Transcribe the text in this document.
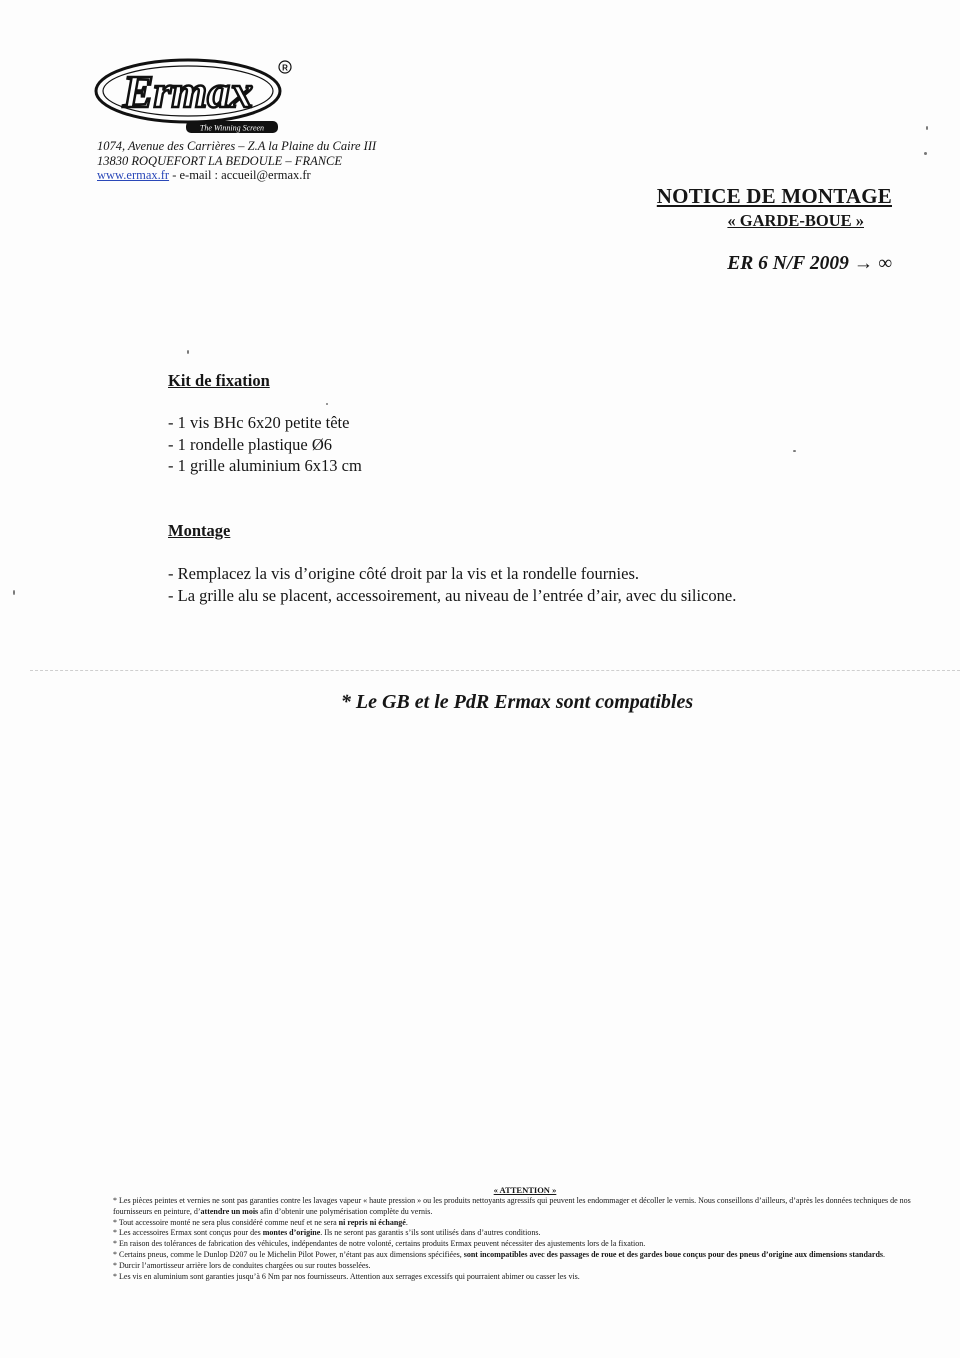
Ermax	R
The Winning Screen
1074, Avenue des Carrières – Z.A la Plaine du Caire III
13830 ROQUEFORT LA BEDOULE – FRANCE
www.ermax.fr - e-mail : accueil@ermax.fr
NOTICE DE MONTAGE
« GARDE-BOUE »
ER 6 N/F 2009 → ∞
Kit de fixation
- 1 vis BHc 6x20 petite tête
- 1 rondelle plastique Ø6
- 1 grille aluminium 6x13 cm
Montage
- Remplacez la vis d’origine côté droit par la vis et la rondelle fournies.
- La grille alu se placent, accessoirement, au niveau de l’entrée d’air, avec du silicone.
* Le GB et le PdR Ermax sont compatibles
« ATTENTION »
* Les pièces peintes et vernies ne sont pas garanties contre les lavages vapeur « haute pression » ou les produits nettoyants agressifs qui peuvent les endommager et décoller le vernis. Nous conseillons d’ailleurs, d’après les données techniques de nos fournisseurs en peinture, d’attendre un mois afin d’obtenir une polymérisation complète du vernis.
* Tout accessoire monté ne sera plus considéré comme neuf et ne sera ni repris ni échangé.
* Les accessoires Ermax sont conçus pour des montes d’origine. Ils ne seront pas garantis s’ils sont utilisés dans d’autres conditions.
* En raison des tolérances de fabrication des véhicules, indépendantes de notre volonté, certains produits Ermax peuvent nécessiter des ajustements lors de la fixation.
* Certains pneus, comme le Dunlop D207 ou le Michelin Pilot Power, n’étant pas aux dimensions spécifiées, sont incompatibles avec des passages de roue et des gardes boue conçus pour des pneus d’origine aux dimensions standards.
* Durcir l’amortisseur arrière lors de conduites chargées ou sur routes bosselées.
* Les vis en aluminium sont garanties jusqu’à 6 Nm par nos fournisseurs. Attention aux serrages excessifs qui pourraient abimer ou casser les vis.
